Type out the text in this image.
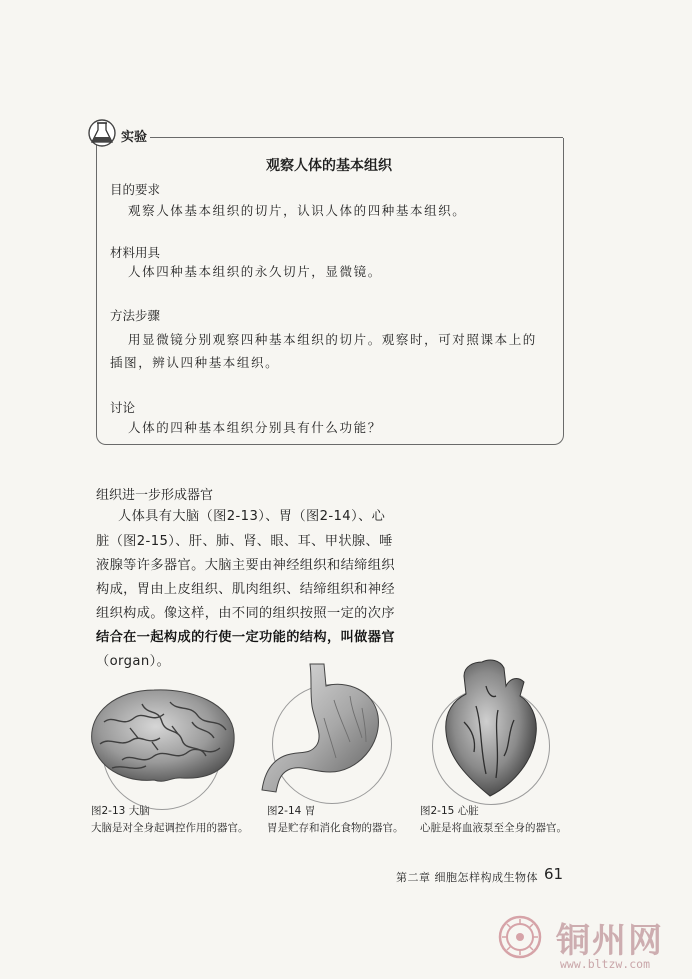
实验
观察人体的基本组织
目的要求
观察人体基本组织的切片，认识人体的四种基本组织。
材料用具
人体四种基本组织的永久切片，显微镜。
方法步骤
用显微镜分别观察四种基本组织的切片。观察时，可对照课本上的
插图，辨认四种基本组织。
讨论
人体的四种基本组织分别具有什么功能？
组织进一步形成器官
人体具有大脑（图2-13）、胃（图2-14）、心
脏（图2-15）、肝、肺、肾、眼、耳、甲状腺、唾
液腺等许多器官。大脑主要由神经组织和结缔组织
构成，胃由上皮组织、肌肉组织、结缔组织和神经
组织构成。像这样，由不同的组织按照一定的次序
结合在一起构成的行使一定功能的结构，叫做器官
（organ）。
图2-13 大脑
大脑是对全身起调控作用的器官。
图2-14 胃
胃是贮存和消化食物的器官。
图2-15 心脏
心脏是将血液泵至全身的器官。
第二章 细胞怎样构成生物体 61
铜州网
www.bltzw.com
